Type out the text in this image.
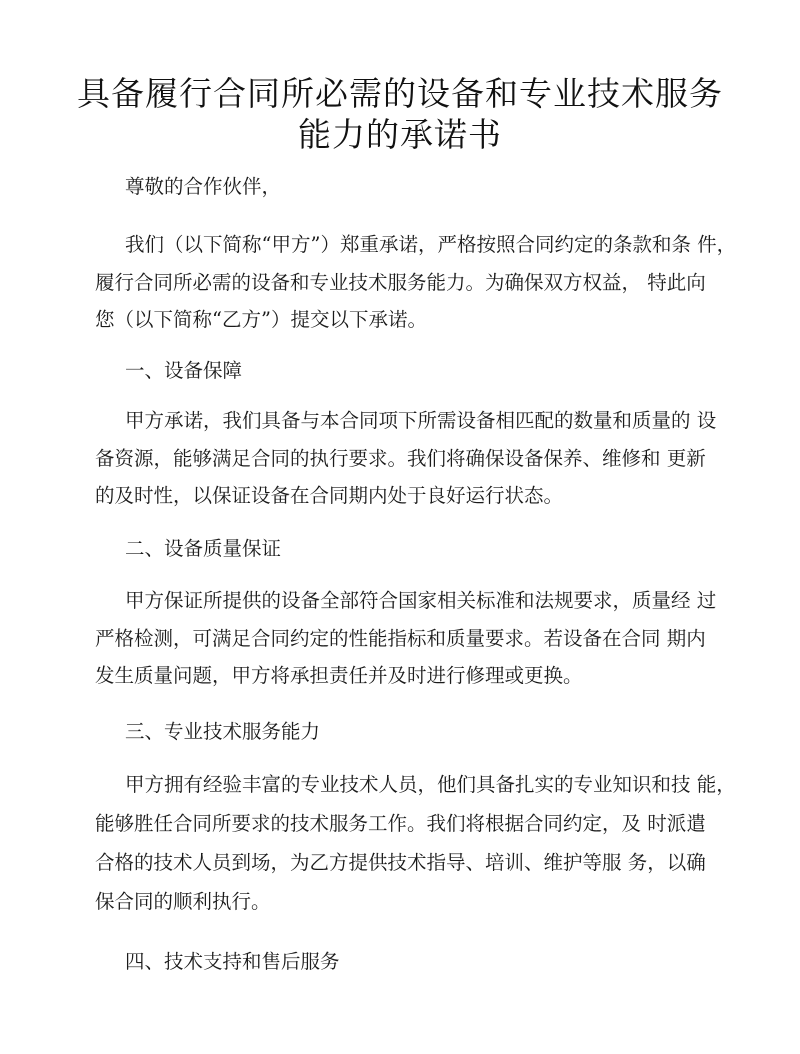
具备履行合同所必需的设备和专业技术服务
能力的承诺书
尊敬的合作伙伴，
我们（以下简称“甲方”）郑重承诺，严格按照合同约定的条款和条 件，
履行合同所必需的设备和专业技术服务能力。为确保双方权益， 特此向
您（以下简称“乙方”）提交以下承诺。
一、设备保障
甲方承诺，我们具备与本合同项下所需设备相匹配的数量和质量的 设
备资源，能够满足合同的执行要求。我们将确保设备保养、维修和 更新
的及时性，以保证设备在合同期内处于良好运行状态。
二、设备质量保证
甲方保证所提供的设备全部符合国家相关标准和法规要求，质量经 过
严格检测，可满足合同约定的性能指标和质量要求。若设备在合同 期内
发生质量问题，甲方将承担责任并及时进行修理或更换。
三、专业技术服务能力
甲方拥有经验丰富的专业技术人员，他们具备扎实的专业知识和技 能，
能够胜任合同所要求的技术服务工作。我们将根据合同约定，及 时派遣
合格的技术人员到场，为乙方提供技术指导、培训、维护等服 务，以确
保合同的顺利执行。
四、技术支持和售后服务
